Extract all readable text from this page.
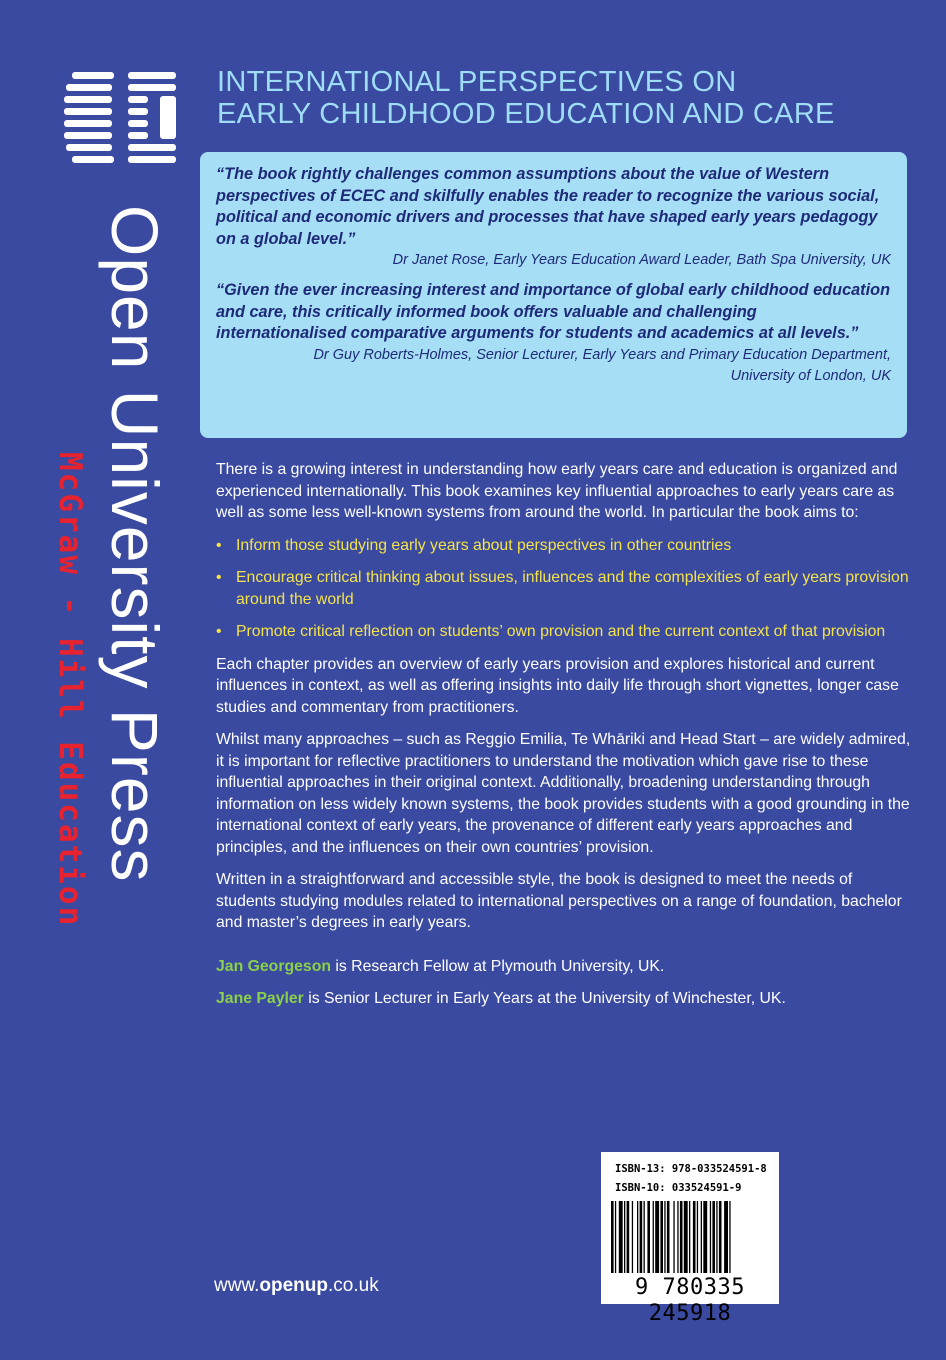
Open University Press
McGraw - Hill Education
INTERNATIONAL PERSPECTIVES ON
EARLY CHILDHOOD EDUCATION AND CARE
“The book rightly challenges common assumptions about the value of Western perspectives of ECEC and skilfully enables the reader to recognize the various social, political and economic drivers and processes that have shaped early years pedagogy on a global level.”
Dr Janet Rose, Early Years Education Award Leader, Bath Spa University, UK
“Given the ever increasing interest and importance of global early childhood education and care, this critically informed book offers valuable and challenging internationalised comparative arguments for students and academics at all levels.”
Dr Guy Roberts-Holmes, Senior Lecturer, Early Years and Primary Education Department,
University of London, UK

There is a growing interest in understanding how early years care and education is organized and experienced internationally. This book examines key influential approaches to early years care as well as some less well-known systems from around the world. In particular the book aims to:

• Inform those studying early years about perspectives in other countries
• Encourage critical thinking about issues, influences and the complexities of early years provision around the world
• Promote critical reflection on students’ own provision and the current context of that provision

Each chapter provides an overview of early years provision and explores historical and current influences in context, as well as offering insights into daily life through short vignettes, longer case studies and commentary from practitioners.

Whilst many approaches – such as Reggio Emilia, Te Whāriki and Head Start – are widely admired, it is important for reflective practitioners to understand the motivation which gave rise to these influential approaches in their original context. Additionally, broadening understanding through information on less widely known systems, the book provides students with a good grounding in the international context of early years, the provenance of different early years approaches and principles, and the influences on their own countries’ provision.

Written in a straightforward and accessible style, the book is designed to meet the needs of students studying modules related to international perspectives on a range of foundation, bachelor and master’s degrees in early years.

Jan Georgeson is Research Fellow at Plymouth University, UK.

Jane Payler is Senior Lecturer in Early Years at the University of Winchester, UK.

ISBN-13: 978-033524591-8
ISBN-10: 033524591-9
9 780335 245918
www.openup.co.uk
